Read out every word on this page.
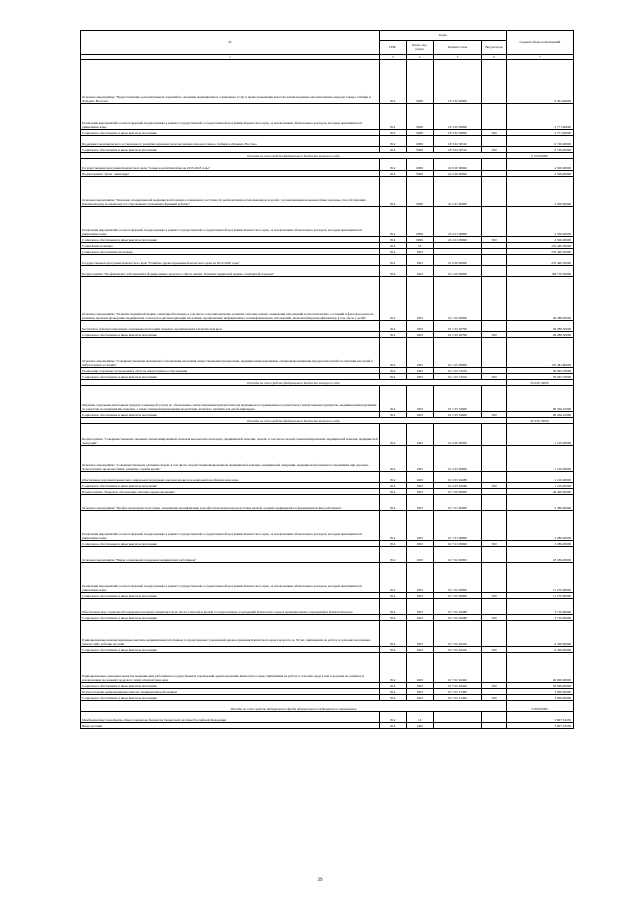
№	Коды				Годовой объем ассигнований
	ГРБС	Раздел, под-раздел	Целевая статья	Вид расходов	
1	3	4	5	6	7
Основное мероприятие "Предоставление дополнительных гарантий по оказанию медицинских и социальных услуг в целях повышения качества жизни коренных малочисленных народов Севера, Сибири и Дальнего Востока"	814	0909	18 3 02 00000		9 491,60000
Реализация мероприятий соответствующей подпрограммы в рамках государственной государственной программы Камчатского края, за исключением обязательных расходов, которым присваиваются уникальные коды	814	0909	18 3 02 09990		2 771,60000
Социальное обеспечение и иные выплаты населению	814	0909	18 3 02 09990	300	2 771,60000
Поддержка экономического и социального развития коренных малочисленных народов Севера, Сибири и Дальнего Востока	814	0909	18 3 02 50510		6 720,00000
Социальное обеспечение и иные выплаты населению	814	0909	18 3 02 50510	300	6 720,00000
Расходы за счет средств федерального бюджета текущего года					6 720,00000
Государственная программа Камчатского края "Семья и дети Камчатки на 2015-2018 годы"	814	0909	22 0 00 00000		2 500,00000
Подпрограмма "Дети - инвалиды"	814	0909	22 2 00 00000		2 500,00000
Основное мероприятие "Оказание своевременной медицинской помощи и повышение доступности реабилитации детей-инвалидов и детей с ограниченными возможностями здоровья, способствующих максимальному возможному восстановлению утраченных функций ребенка"	814	0909	22 2 01 00000		2 500,00000
Реализация мероприятий соответствующей подпрограммы в рамках государственной государственной программы Камчатского края, за исключением обязательных расходов, которым присваиваются уникальные коды	814	0909	22 2 01 09990		2 500,00000
Социальное обеспечение и иные выплаты населению	814	0909	22 2 01 09990	300	2 500,00000
Социальная политика	814	10			235 440,30000
Социальное обеспечение населения	814	1003			235 440,30000
Государственная программа Камчатского края "Развитие здравоохранения Камчатского края на 2014-2020 годы"	814	1003	01 0 00 00000		235 440,30000
Подпрограмма "Профилактика заболеваний и формирование здорового образа жизни. Развитие первичной медико-санитарной помощи"	814	1003	01 1 00 00000		184 770,30000
Основное мероприятие "Развитие первичной медико-санитарной помощи, в том числе сельским жителям, развитие системы раннего выявления заболеваний и патологических состояний и факторов риска их развития, включая проведение медицинских осмотров и диспансеризации населения, профилактика инфекционных и неинфекционных заболеваний, включая иммунопрофилактику, в том числе у детей"	814	1003	01 1 02 00000		49 288,50000
Бесплатное зубопротезирование отдельным категориям граждан, проживающим в Камчатском крае	814	1003	01 1 02 26790		49 288,50000
Социальное обеспечение и иные выплаты населению	814	1003	01 1 02 26790	300	49 288,50000
Основное мероприятие "Совершенствование механизмов обеспечения населения лекарственными препаратами, медицинскими изделиями, специализированными продуктами лечебного питания для детей в амбулаторных условиях"	814	1003	01 1 05 00000		135 481,80000
Реализация отдельных полномочий в области лекарственного обеспечения	814	1003	01 1 05 51610		39 045,70000
Социальное обеспечение и иные выплаты населению	814	1003	01 1 05 51610	300	39 045,70000
Расходы за счет средств федерального бюджета текущего года					39 045,70000
Оказание отдельным категориям граждан социальной услуги по обеспечению лекарственными препаратами для медицинского применения по рецептам на лекарственные препараты, медицинскими изделиями по рецептам на медицинские изделия, а также специализированными продуктами лечебного питания для детей-инвалидов	814	1003	01 1 05 54600		96 436,10000
Социальное обеспечение и иные выплаты населению	814	1003	01 1 05 54600	300	96 436,10000
Расходы за счет средств федерального бюджета текущего года					96 436,10000
Подпрограмма "Совершенствование оказания специализированной, включая высокотехнологичную, медицинской помощи, скорой, в том числе скорой специализированной, медицинской помощи, медицинской эвакуации"	814	1003	01 2 00 00000		1 210,00000
Основное мероприятие "Совершенствование оказания скорой, в том числе скорой специализированной, медицинской помощи, медицинской эвакуации, медицинской помощи пострадавшим при дорожно-транспортных происшествиях, развитие службы крови"	814	1003	01 2 03 00000		1 210,00000
Обеспечение дополнительных мер социальной поддержки донорам крови и ее компонентов в Камчатском крае	814	1003	01 2 03 26280		1 210,00000
Социальное обеспечение и иные выплаты населению	814	1003	01 2 03 26280	300	1 210,00000
Подпрограмма "Кадровое обеспечение системы здравоохранения"	814	1003	01 7 00 00000		49 460,00000
Основное мероприятие "Профессиональная подготовка, повышение квалификации и профессиональная переподготовка врачей, средних медицинских и фармацевтических работников"	814	1003	01 7 01 00000		2 280,00000
Реализация мероприятий соответствующей подпрограммы в рамках государственной государственной программы Камчатского края, за исключением обязательных расходов, которым присваиваются уникальные коды	814	1003	01 7 01 09990		2 280,00000
Социальное обеспечение и иные выплаты населению	814	1003	01 7 01 09990	300	2 280,00000
Основное мероприятие "Меры социальной поддержки медицинских работников"	814	1003	01 7 02 00000		47 180,00000
Реализация мероприятий соответствующей подпрограммы в рамках государственной государственной программы Камчатского края, за исключением обязательных расходов, которым присваиваются уникальные коды	814	1003	01 7 02 09990		11 270,00000
Социальное обеспечение и иные выплаты населению	814	1003	01 7 02 09990	300	11 270,00000
Обеспечение мер социальной поддержки молодым специалистам из числа учителей и врачей государственных учреждений Камчатского края и муниципальных учреждений в Камчатском крае	814	1003	01 7 02 26280		3 710,00000
Социальное обеспечение и иные выплаты населению	814	1003	01 7 02 26280	300	3 710,00000
Единовременные компенсационные выплаты медицинским работникам государственных учреждений здравоохранения Камчатского края в возрасте до 50 лет, прибывшим на работу в сельские населенные пункты либо рабочие поселки	814	1003	01 7 02 26410		9 200,00000
Социальное обеспечение и иные выплаты населению	814	1003	01 7 02 26410	300	9 200,00000
Единовременные денежные выплаты медицинским работникам государственных учреждений здравоохранения Камчатского края, прибывшим на работу в сельские округа или городские поселения (за исключением поселений городского типа) в Камчатском крае	814	1003	01 7 02 26420		20 000,00000
Социальное обеспечение и иные выплаты населению	814	1003	01 7 02 26420	300	20 000,00000
Осуществление единовременных выплат медицинским работникам	814	1003	01 7 02 51360		3 000,00000
Социальное обеспечение и иные выплаты населению	814	1003	01 7 02 51360	300	3 000,00000
Расходы за счет средств Федерального фонда обязательного медицинского страхования					3 000,00000
Межбюджетные трансферты общего характера бюджетам бюджетной системы Российской Федерации	814	14			5 807,54350
Иные дотации	814	1402			5 807,54350
39
